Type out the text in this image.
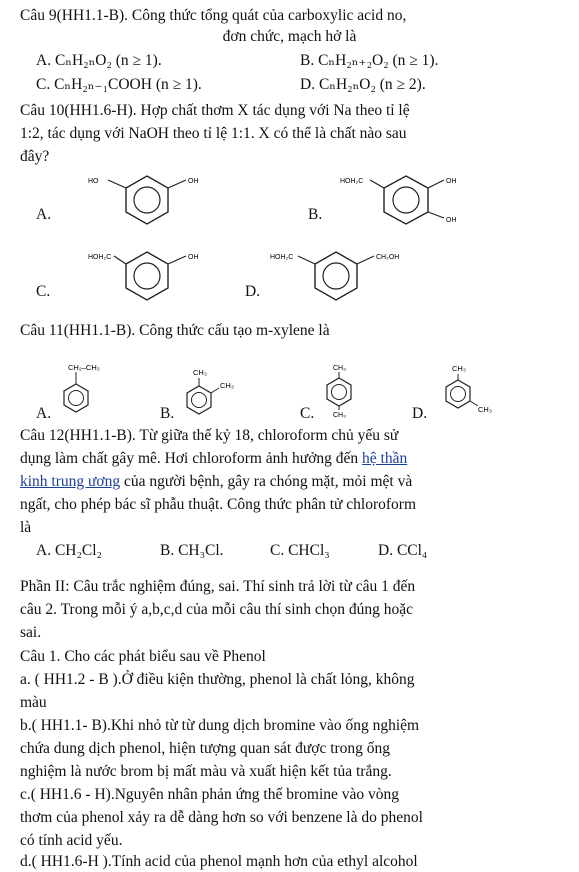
Câu 9(HH1.1-B). Công thức tổng quát của carboxylic acid no,
đơn chức, mạch hở là
A. CₙH₂ₙO₂ (n ≥ 1).	B. CₙH₂ₙ₊₂O₂ (n ≥ 1).
C. CₙH₂ₙ₋₁COOH (n ≥ 1).	D. CₙH₂ₙO₂ (n ≥ 2).
Câu 10(HH1.6-H). Hợp chất thơm X tác dụng với Na theo tỉ lệ
1:2, tác dụng với NaOH theo tỉ lệ 1:1. X có thể là chất nào sau
đây?
A.
HO	OH
B.
HOH₂C	OH
OH
C.
HOH₂C	OH
D.
HOH₂C	CH₂OH
Câu 11(HH1.1-B). Công thức cấu tạo m-xylene là
A.
CH₂–CH₃
B.
CH₃
CH₃
C.
CH₃
CH₃	D.
CH₃
CH₃
Câu 12(HH1.1-B). Từ giữa thế kỷ 18, chloroform chủ yếu sử
dụng làm chất gây mê. Hơi chloroform ảnh hưởng đến hệ thần
kinh trung ương của người bệnh, gây ra chóng mặt, mỏi mệt và
ngất, cho phép bác sĩ phẫu thuật. Công thức phân tử chloroform
là
A. CH₂Cl₂	B. CH₃Cl.	C. CHCl₃	D. CCl₄
Phần II: Câu trắc nghiệm đúng, sai. Thí sinh trả lời từ câu 1 đến
câu 2. Trong mỗi ý a,b,c,d của mỗi câu thí sinh chọn đúng hoặc
sai.
Câu 1. Cho các phát biểu sau về Phenol
a. ( HH1.2 - B ).Ở điều kiện thường, phenol là chất lỏng, không
màu
b.( HH1.1- B).Khi nhỏ từ từ dung dịch bromine vào ống nghiệm
chứa dung dịch phenol, hiện tượng quan sát được trong ống
nghiệm là nước brom bị mất màu và xuất hiện kết tủa trắng.
c.( HH1.6 - H).Nguyên nhân phản ứng thế bromine vào vòng
thơm của phenol xảy ra dễ dàng hơn so với benzene là do phenol
có tính acid yếu.
d.( HH1.6-H ).Tính acid của phenol mạnh hơn của ethyl alcohol
